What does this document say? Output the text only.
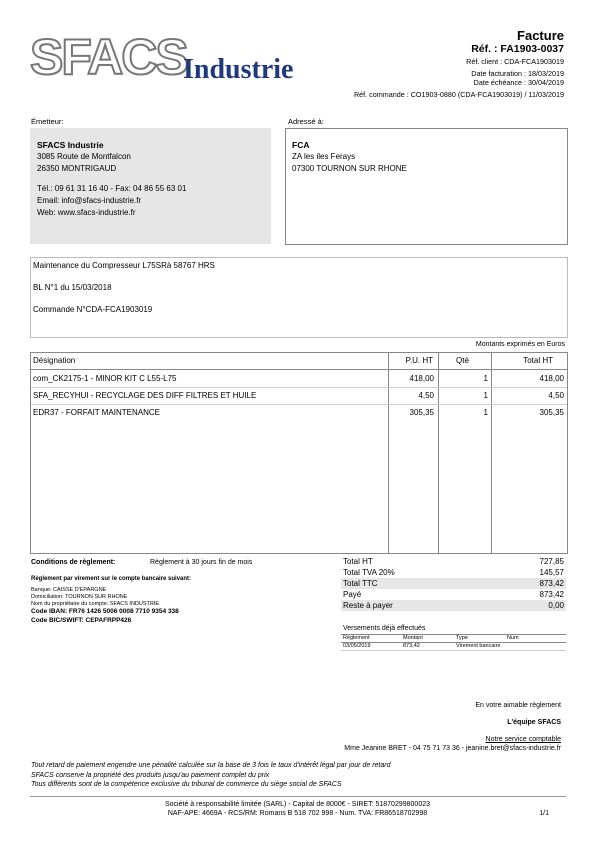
SFACS
Industrie
Facture
Réf. : FA1903-0037
Réf. client : CDA-FCA1903019
Date facturation : 18/03/2019
Date échéance : 30/04/2019
Réf. commande : CO1903-0880 (CDA-FCA1903019) / 11/03/2019
Émetteur:
SFACS Industrie
3085 Route de Montfalcon
26350 MONTRIGAUD
Tél.: 09 61 31 16 40 - Fax: 04 86 55 63 01
Email: info@sfacs-industrie.fr
Web: www.sfacs-industrie.fr
Adressé à:
FCA
ZA les iles Ferays
07300 TOURNON SUR RHONE
Maintenance du Compresseur L75SRà 58767 HRS
BL N°1 du 15/03/2018
Commande N°CDA-FCA1903019
Montants exprimés en Euros
Désignation	P.U. HT	Qté	Total HT
com_CK2175-1 - MINOR KIT C L55-L75	418,00	1	418,00
SFA_RECYHUI - RECYCLAGE DES DIFF FILTRES ET HUILE	4,50	1	4,50
EDR37 - FORFAIT MAINTENANCE	305,35	1	305,35
Conditions de règlement:	Règlement à 30 jours fin de mois
Règlement par virement sur le compte bancaire suivant:
Banque: CAISSE D'EPARGNE
Domiciliation: TOURNON SUR RHONE
Nom du propriétaire du compte: SFACS INDUSTRIE
Code IBAN: FR76 1426 5006 0008 7710 9354 338
Code BIC/SWIFT: CEPAFRPP426
Total HT	727,85
Total TVA 20%	145,57
Total TTC	873,42
Payé	873,42
Reste à payer	0,00
Versements déjà effectués
Règlement	Montant	Type	Num
03/05/2019	873,42	Virement bancaire
En votre aimable règlement
L'équipe SFACS
Notre service comptable
Mme Jeanine BRET - 04 75 71 73 36 - jeanine.bret@sfacs-industrie.fr
Tout retard de paiement engendre une pénalité calculée sur la base de 3 fois le taux d'intérêt légal par jour de retard
SFACS conserve la propriété des produits jusqu'au paiement complet du prix
Tous différents sont de la compétence exclusive du tribunal de commerce du siège social de SFACS
Société à responsabilité limitée (SARL) - Capital de 8000€ - SIRET: 51870299800023
NAF-APE: 4669A - RCS/RM: Romans B 518 702 998 - Num. TVA: FR86518702998	1/1
